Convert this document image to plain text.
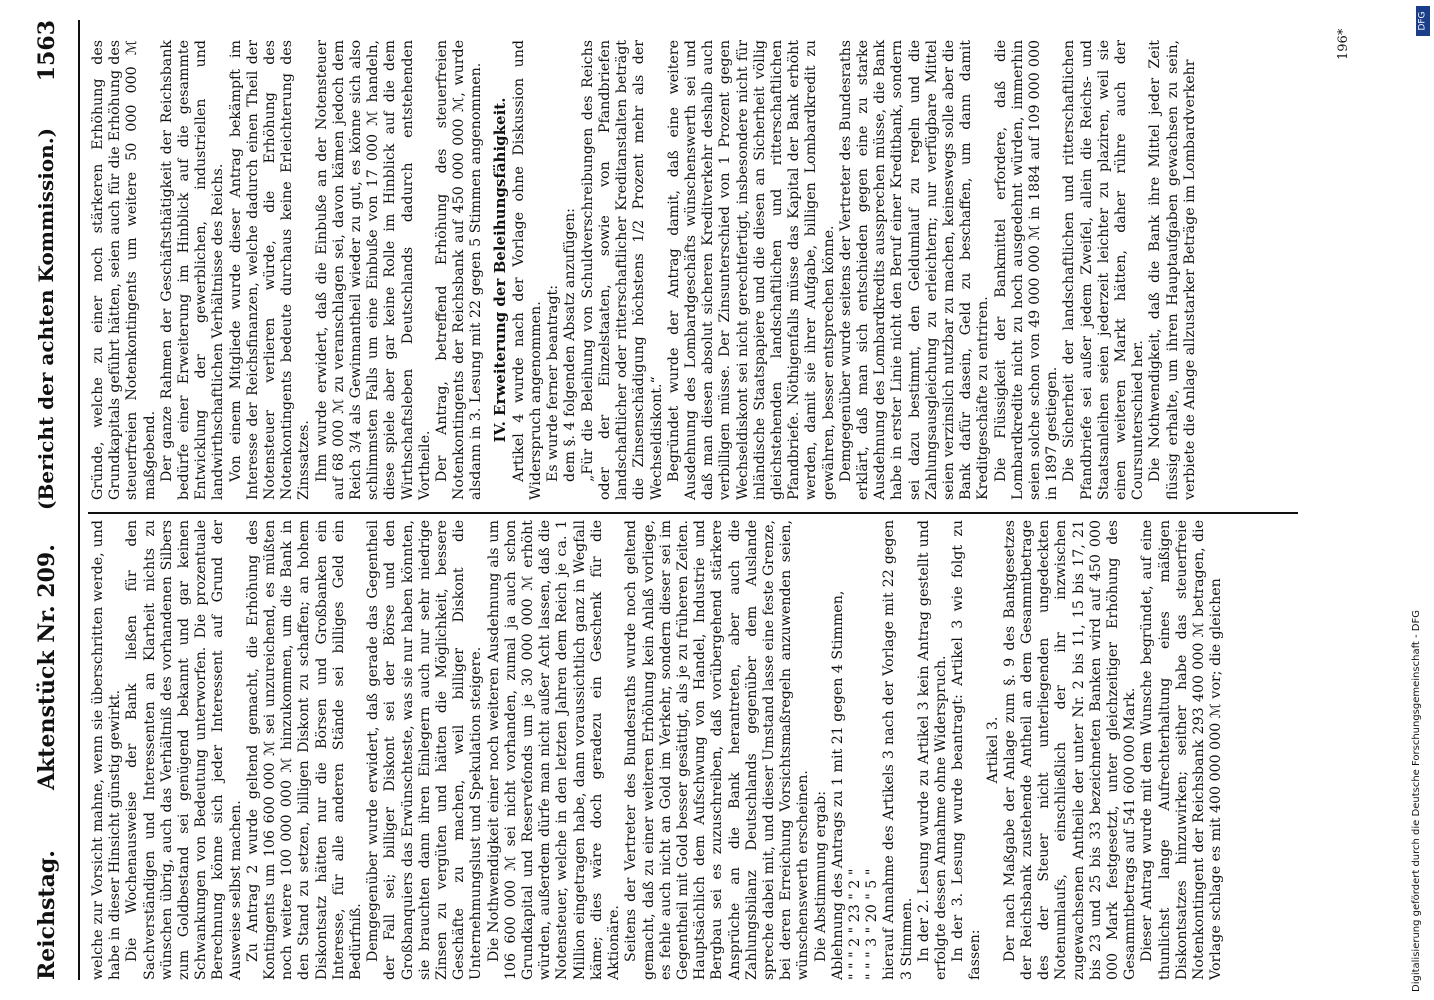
Reichstag.
Aktenstück Nr. 209.
(Bericht der achten Kommission.)
1563

welche zur Vorsicht mahne, wenn sie überschritten werde, und habe in dieser Hinsicht günstig gewirkt. Die Wochenausweise der Bank ließen für den Sachverständigen und Interessenten an Klarheit nichts zu wünschen übrig, auch das Verhältniß des vorhandenen Silbers zum Goldbestand sei genügend bekannt und gar keinen Schwankungen von Bedeutung unterworfen. Die prozentuale Berechnung könne sich jeder Interessent auf Grund der Ausweise selbst machen. Zu Antrag 2 wurde geltend gemacht, die Erhöhung des Kontingents um 106 600 000 ℳ sei unzureichend, es müßten noch weitere 100 000 000 ℳ hinzukommen, um die Bank in den Stand zu setzen, billigen Diskont zu schaffen; an hohem Diskontsatz hätten nur die Börsen und Großbanken ein Interesse, für alle anderen Stände sei billiges Geld ein Bedürfniß. Demgegenüber wurde erwidert, daß gerade das Gegentheil der Fall sei; billiger Diskont sei der Börse und den Großbanquiers das Erwünschteste, was sie nur haben könnten, sie brauchten dann ihren Einlegern auch nur sehr niedrige Zinsen zu vergüten und hätten die Möglichkeit, bessere Geschäfte zu machen, weil billiger Diskont die Unternehmungslust und Spekulation steigere. Die Nothwendigkeit einer noch weiteren Ausdehnung als um 106 600 000 ℳ sei nicht vorhanden, zumal ja auch schon Grundkapital und Reservefonds um je 30 000 000 ℳ erhöht würden, außerdem dürfe man nicht außer Acht lassen, daß die Notensteuer, welche in den letzten Jahren dem Reich je ca. 1 Million eingetragen habe, dann voraussichtlich ganz in Wegfall käme; dies wäre doch geradezu ein Geschenk für die Aktionäre. Seitens der Vertreter des Bundesraths wurde noch geltend gemacht, daß zu einer weiteren Erhöhung kein Anlaß vorliege, es fehle auch nicht an Gold im Verkehr, sondern dieser sei im Gegentheil mit Gold besser gesättigt, als je zu früheren Zeiten. Hauptsächlich dem Aufschwung von Handel, Industrie und Bergbau sei es zuzuschreiben, daß vorübergehend stärkere Ansprüche an die Bank herantreten, aber auch die Zahlungsbilanz Deutschlands gegenüber dem Auslande spreche dabei mit, und dieser Umstand lasse eine feste Grenze, bei deren Erreichung Vorsichtsmaßregeln anzuwenden seien, wünschenswerth erscheinen. Die Abstimmung ergab: Ablehnung des Antrags zu 1 mit 21 gegen 4 Stimmen, " " " 2 " 23 " 2 " " " " 3 " 20 " 5 " hierauf Annahme des Artikels 3 nach der Vorlage mit 22 gegen 3 Stimmen. In der 2. Lesung wurde zu Artikel 3 kein Antrag gestellt und erfolgte dessen Annahme ohne Widerspruch. In der 3. Lesung wurde beantragt: Artikel 3 wie folgt zu fassen:

Artikel 3. Der nach Maßgabe der Anlage zum §. 9 des Bankgesetzes der Reichsbank zustehende Antheil an dem Gesammtbetrage des der Steuer nicht unterliegenden ungedeckten Notenumlaufs, einschließlich der ihr inzwischen zugewachsenen Antheile der unter Nr. 2 bis 11, 15 bis 17, 21 bis 23 und 25 bis 33 bezeichneten Banken wird auf 450 000 000 Mark festgesetzt, unter gleichzeitiger Erhöhung des Gesammtbetrags auf 541 600 000 Mark. Dieser Antrag wurde mit dem Wunsche begründet, auf eine thunlichst lange Aufrechterhaltung eines mäßigen Diskontsatzes hinzuwirken; seither habe das steuerfreie Notenkontingent der Reichsbank 293 400 000 ℳ betragen, die Vorlage schlage es mit 400 000 000 ℳ vor; die gleichen

Gründe, welche zu einer noch stärkeren Erhöhung des Grundkapitals geführt hätten, seien auch für die Erhöhung des steuerfreien Notenkontingents um weitere 50 000 000 ℳ maßgebend. Der ganze Rahmen der Geschäftsthätigkeit der Reichsbank bedürfe einer Erweiterung im Hinblick auf die gesammte Entwicklung der gewerblichen, industriellen und landwirthschaftlichen Verhältnisse des Reichs. Von einem Mitgliede wurde dieser Antrag bekämpft im Interesse der Reichsfinanzen, welche dadurch einen Theil der Notensteuer verlieren würde, die Erhöhung des Notenkontingents bedeute durchaus keine Erleichterung des Zinssatzes. Ihm wurde erwidert, daß die Einbuße an der Notensteuer auf 68 000 ℳ zu veranschlagen sei, davon kämen jedoch dem Reich 3/4 als Gewinnantheil wieder zu gut, es könne sich also schlimmsten Falls um eine Einbuße von 17 000 ℳ handeln, diese spiele aber gar keine Rolle im Hinblick auf die dem Wirthschaftsleben Deutschlands dadurch entstehenden Vortheile. Der Antrag, betreffend Erhöhung des steuerfreien Notenkontingents der Reichsbank auf 450 000 000 ℳ, wurde alsdann in 3. Lesung mit 22 gegen 5 Stimmen angenommen. IV. Erweiterung der Beleihungsfähigkeit. Artikel 4 wurde nach der Vorlage ohne Diskussion und Widerspruch angenommen. Es wurde ferner beantragt: dem §. 4 folgenden Absatz anzufügen: „Für die Beleihung von Schuldverschreibungen des Reichs oder der Einzelstaaten, sowie von Pfandbriefen landschaftlicher oder ritterschaftlicher Kreditanstalten beträgt die Zinsenschädigung höchstens 1/2 Prozent mehr als der Wechseldiskont.“ Begründet wurde der Antrag damit, daß eine weitere Ausdehnung des Lombardgeschäfts wünschenswerth sei und daß man diesen absolut sicheren Kreditverkehr deshalb auch verbilligen müsse. Der Zinsunterschied von 1 Prozent gegen Wechseldiskont sei nicht gerechtfertigt, insbesondere nicht für inländische Staatspapiere und die diesen an Sicherheit völlig gleichstehenden landschaftlichen und ritterschaftlichen Pfandbriefe. Nöthigenfalls müsse das Kapital der Bank erhöht werden, damit sie ihrer Aufgabe, billigen Lombardkredit zu gewähren, besser entsprechen könne. Demgegenüber wurde seitens der Vertreter des Bundesraths erklärt, daß man sich entschieden gegen eine zu starke Ausdehnung des Lombardkredits aussprechen müsse, die Bank habe in erster Linie nicht den Beruf einer Kreditbank, sondern sei dazu bestimmt, den Geldumlauf zu regeln und die Zahlungsausgleichung zu erleichtern; nur verfügbare Mittel seien verzinslich nutzbar zu machen, keineswegs solle aber die Bank dafür dasein, Geld zu beschaffen, um dann damit Kreditgeschäfte zu entriren. Die Flüssigkeit der Bankmittel erfordere, daß die Lombardkredite nicht zu hoch ausgedehnt würden, immerhin seien solche schon von 49 000 000 ℳ in 1884 auf 109 000 000 in 1897 gestiegen. Die Sicherheit der landschaftlichen und ritterschaftlichen Pfandbriefe sei außer jedem Zweifel, allein die Reichs- und Staatsanleihen seien jederzeit leichter zu plaziren, weil sie einen weiteren Markt hätten, daher rühre auch der Coursunterschied her. Die Nothwendigkeit, daß die Bank ihre Mittel jeder Zeit flüssig erhalte, um ihren Hauptaufgaben gewachsen zu sein, verbiete die Anlage allzustarker Beträge im Lombardverkehr

196*
Digitalisierung gefördert durch die Deutsche Forschungsgemeinschaft - DFG
DFG
